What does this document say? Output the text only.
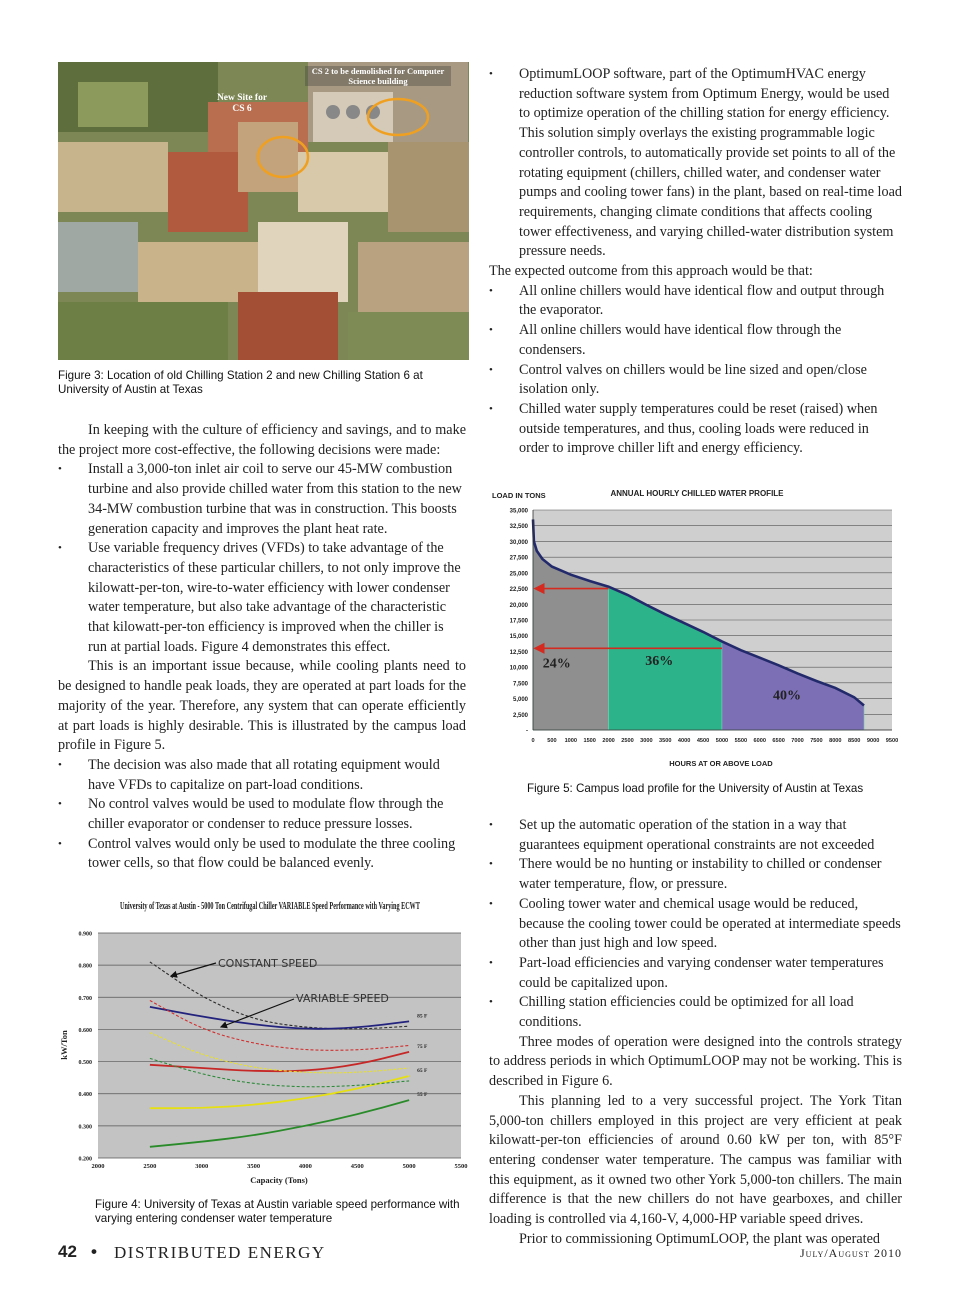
CS 2 to be demolished for Computer Science building
New Site for CS 6
Figure 3: Location of old Chilling Station 2 and new Chilling Station 6 at University of Austin at Texas

In keeping with the culture of efficiency and savings, and to make the project more cost-effective, the following decisions were made:

• Install a 3,000-ton inlet air coil to serve our 45-MW combustion turbine and also provide chilled water from this station to the new 34-MW combustion turbine that was in construction. This boosts generation capacity and improves the plant heat rate.
• Use variable frequency drives (VFDs) to take advantage of the characteristics of these particular chillers, to not only improve the kilowatt-per-ton, wire-to-water efficiency with lower condenser water temperature, but also take advantage of the characteristic that kilowatt-per-ton efficiency is improved when the chiller is run at partial loads. Figure 4 demonstrates this effect.

This is an important issue because, while cooling plants need to be designed to handle peak loads, they are operated at part loads for the majority of the year. Therefore, any system that can operate efficiently at part loads is highly desirable. This is illustrated by the campus load profile in Figure 5.

• The decision was also made that all rotating equipment would have VFDs to capitalize on part-load conditions.
• No control valves would be used to modulate flow through the chiller evaporator or condenser to reduce pressure losses.
• Control valves would only be used to modulate the three cooling tower cells, so that flow could be balanced evenly.
University of Texas at Austin - 5000 Ton Centrifugal Chiller VARIABLE Speed Performance with Varying ECWT
0.900
0.800
0.700
0.600
0.500
0.400
0.300
0.200
2000	2500	3000	3500	4000	4500	5000	5500
85 F
75 F
65 F
55 F
CONSTANT SPEED
VARIABLE SPEED
Capacity (Tons)
kW/Ton
Figure 4: University of Texas at Austin variable speed performance with varying entering condenser water temperature
• OptimumLOOP software, part of the OptimumHVAC energy reduction software system from Optimum Energy, would be used to optimize operation of the chilling station for energy efficiency. This solution simply overlays the existing programmable logic controller controls, to automatically provide set points to all of the rotating equipment (chillers, chilled water, and condenser water pumps and cooling tower fans) in the plant, based on real-time load requirements, changing climate conditions that affects cooling tower effectiveness, and varying chilled-water distribution system pressure needs.

The expected outcome from this approach would be that:

• All online chillers would have identical flow and output through the evaporator.
• All online chillers would have identical flow through the condensers.
• Control valves on chillers would be line sized and open/close isolation only.
• Chilled water supply temperatures could be reset (raised) when outside temperatures, and thus, cooling loads were reduced in order to improve chiller lift and energy efficiency.
LOAD IN TONS	ANNUAL HOURLY CHILLED WATER PROFILE
35,000
32,500
30,000
27,500
25,000
22,500
20,000
17,500
15,000
12,500
10,000
7,500
5,000
2,500
-
0 500 1000 1500 2000 2500 3000 3500 4000 4500 5000 5500 6000 6500 7000 7500 8000 8500 9000 9500
24%	36%
40%
HOURS AT OR ABOVE LOAD
Figure 5: Campus load profile for the University of Austin at Texas
• Set up the automatic operation of the station in a way that guarantees equipment operational constraints are not exceeded
• There would be no hunting or instability to chilled or condenser water temperature, flow, or pressure.
• Cooling tower water and chemical usage would be reduced, because the cooling tower could be operated at intermediate speeds other than just high and low speed.
• Part-load efficiencies and varying condenser water temperatures could be capitalized upon.
• Chilling station efficiencies could be optimized for all load conditions.

Three modes of operation were designed into the controls strategy to address periods in which OptimumLOOP may not be working. This is described in Figure 6.

This planning led to a very successful project. The York Titan 5,000-ton chillers employed in this project are very efficient at peak kilowatt-per-ton efficiencies of around 0.60 kW per ton, with 85°F entering condenser water temperature. The campus was familiar with this equipment, as it owned two other York 5,000-ton chillers. The main difference is that the new chillers do not have gearboxes, and chiller loading is controlled via 4,160-V, 4,000-HP variable speed drives.

Prior to commissioning OptimumLOOP, the plant was operated

42 • DISTRIBUTED ENERGY	July/August 2010
